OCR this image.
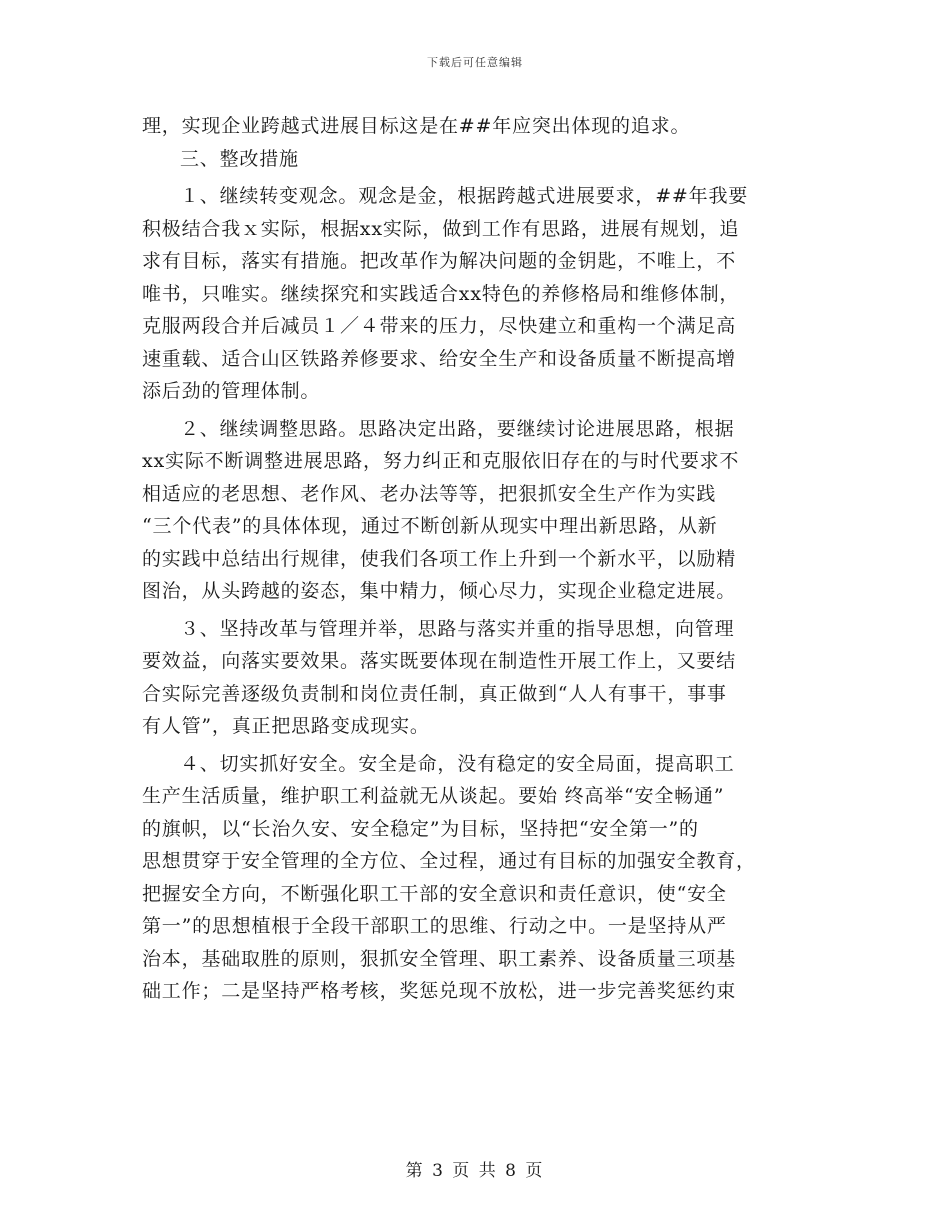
下载后可任意编辑
理，实现企业跨越式进展目标这是在##年应突出体现的追求。
三、整改措施
１、继续转变观念。观念是金，根据跨越式进展要求，##年我要
积极结合我ｘ实际，根据xx实际，做到工作有思路，进展有规划，追
求有目标，落实有措施。把改革作为解决问题的金钥匙，不唯上，不
唯书，只唯实。继续探究和实践适合xx特色的养修格局和维修体制，
克服两段合并后减员１／４带来的压力，尽快建立和重构一个满足高
速重载、适合山区铁路养修要求、给安全生产和设备质量不断提高增
添后劲的管理体制。
２、继续调整思路。思路决定出路，要继续讨论进展思路，根据
xx实际不断调整进展思路，努力纠正和克服依旧存在的与时代要求不
相适应的老思想、老作风、老办法等等，把狠抓安全生产作为实践
“三个代表”的具体体现，通过不断创新从现实中理出新思路，从新
的实践中总结出行规律，使我们各项工作上升到一个新水平，以励精
图治，从头跨越的姿态，集中精力，倾心尽力，实现企业稳定进展。
３、坚持改革与管理并举，思路与落实并重的指导思想，向管理
要效益，向落实要效果。落实既要体现在制造性开展工作上，又要结
合实际完善逐级负责制和岗位责任制，真正做到“人人有事干，事事
有人管”，真正把思路变成现实。
４、切实抓好安全。安全是命，没有稳定的安全局面，提高职工
生产生活质量，维护职工利益就无从谈起。要始 终高举“安全畅通”
的旗帜，以“长治久安、安全稳定”为目标，坚持把“安全第一”的
思想贯穿于安全管理的全方位、全过程，通过有目标的加强安全教育，
把握安全方向，不断强化职工干部的安全意识和责任意识，使“安全
第一”的思想植根于全段干部职工的思维、行动之中。一是坚持从严
治本，基础取胜的原则，狠抓安全管理、职工素养、设备质量三项基
础工作；二是坚持严格考核，奖惩兑现不放松，进一步完善奖惩约束
第 3 页 共 8 页
